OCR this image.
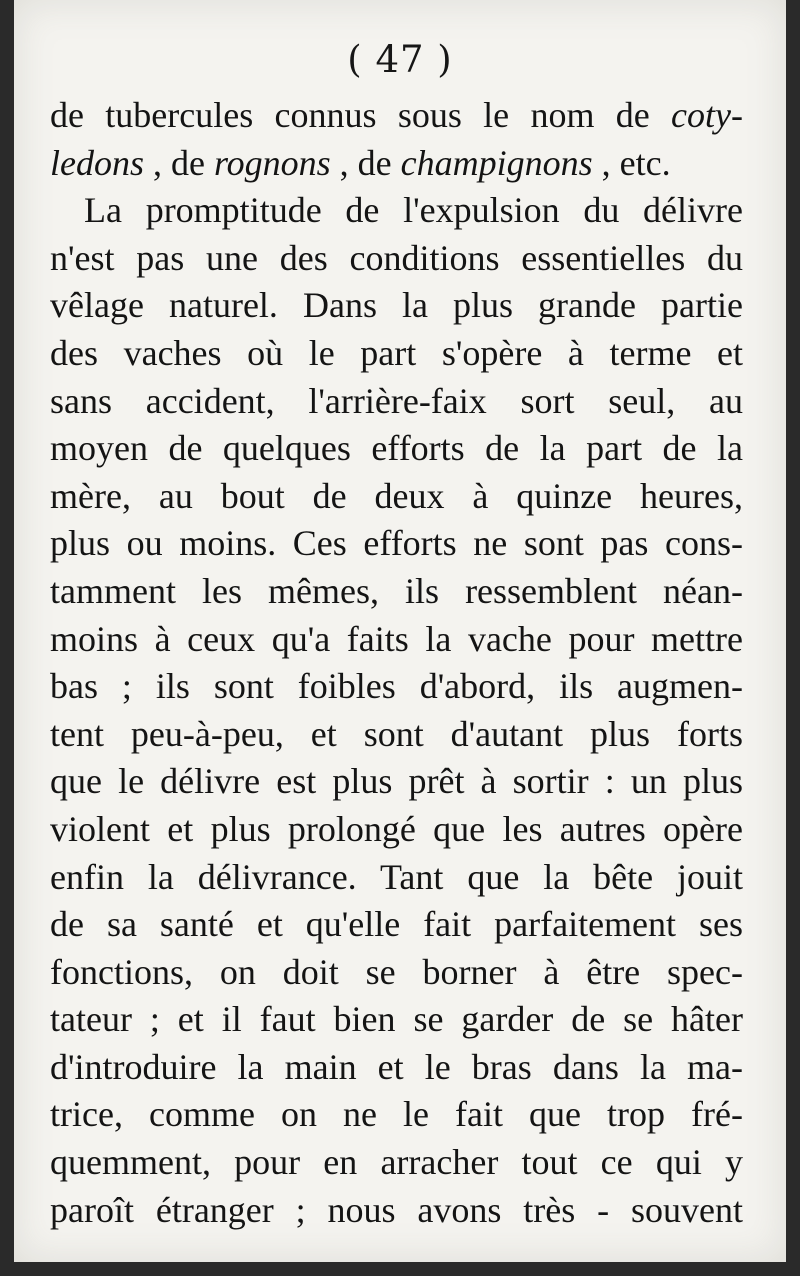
( 47 )
de tubercules connus sous le nom de coty-
ledons , de rognons , de champignons , etc.
La promptitude de l'expulsion du délivre
n'est pas une des conditions essentielles du
vêlage naturel. Dans la plus grande partie
des vaches où le part s'opère à terme et
sans accident, l'arrière-faix sort seul, au
moyen de quelques efforts de la part de la
mère, au bout de deux à quinze heures,
plus ou moins. Ces efforts ne sont pas cons-
tamment les mêmes, ils ressemblent néan-
moins à ceux qu'a faits la vache pour mettre
bas ; ils sont foibles d'abord, ils augmen-
tent peu-à-peu, et sont d'autant plus forts
que le délivre est plus prêt à sortir : un plus
violent et plus prolongé que les autres opère
enfin la délivrance. Tant que la bête jouit
de sa santé et qu'elle fait parfaitement ses
fonctions, on doit se borner à être spec-
tateur ; et il faut bien se garder de se hâter
d'introduire la main et le bras dans la ma-
trice, comme on ne le fait que trop fré-
quemment, pour en arracher tout ce qui y
paroît étranger ; nous avons très - souvent
